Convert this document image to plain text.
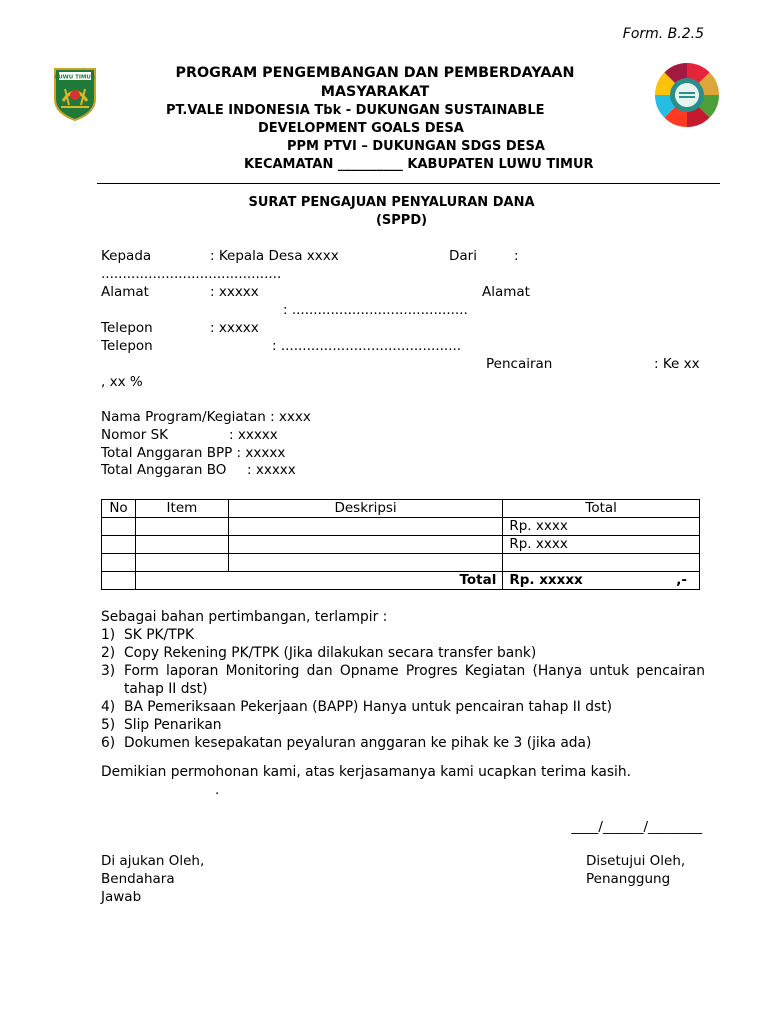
Form. B.2.5
LUWU TIMUR	PROGRAM PENGEMBANGAN DAN PEMBERDAYAAN
MASYARAKAT
PT.VALE INDONESIA Tbk - DUKUNGAN SUSTAINABLE
DEVELOPMENT GOALS DESA
PPM PTVI – DUKUNGAN SDGS DESA
KECAMATAN __________ KABUPATEN LUWU TIMUR
SURAT PENGAJUAN PENYALURAN DANA
(SPPD)
Kepada	: Kepala Desa xxxx	Dari	:
..........................................
Alamat	: xxxxx	Alamat
: .........................................
Telepon	: xxxxx
Telepon	: ..........................................
Pencairan	: Ke xx
, xx %
Nama Program/Kegiatan : xxxx
Nomor SK	: xxxxx
Total Anggaran BPP : xxxxx
Total Anggaran BO : xxxxx
No	Item	Deskripsi	Total
			Rp. xxxx
			Rp. xxxx

	Total		Rp. xxxxx ,-
Sebagai bahan pertimbangan, terlampir :
1) SK PK/TPK
2) Copy Rekening PK/TPK (Jika dilakukan secara transfer bank)
3) Form laporan Monitoring dan Opname Progres Kegiatan (Hanya untuk pencairan tahap II dst)
4) BA Pemeriksaan Pekerjaan (BAPP) Hanya untuk pencairan tahap II dst)
5) Slip Penarikan
6) Dokumen kesepakatan peyaluran anggaran ke pihak ke 3 (jika ada)
Demikian permohonan kami, atas kerjasamanya kami ucapkan terima kasih.
.
____/______/________
Di ajukan Oleh,
Bendahara
Jawab
Disetujui Oleh,
Penanggung
